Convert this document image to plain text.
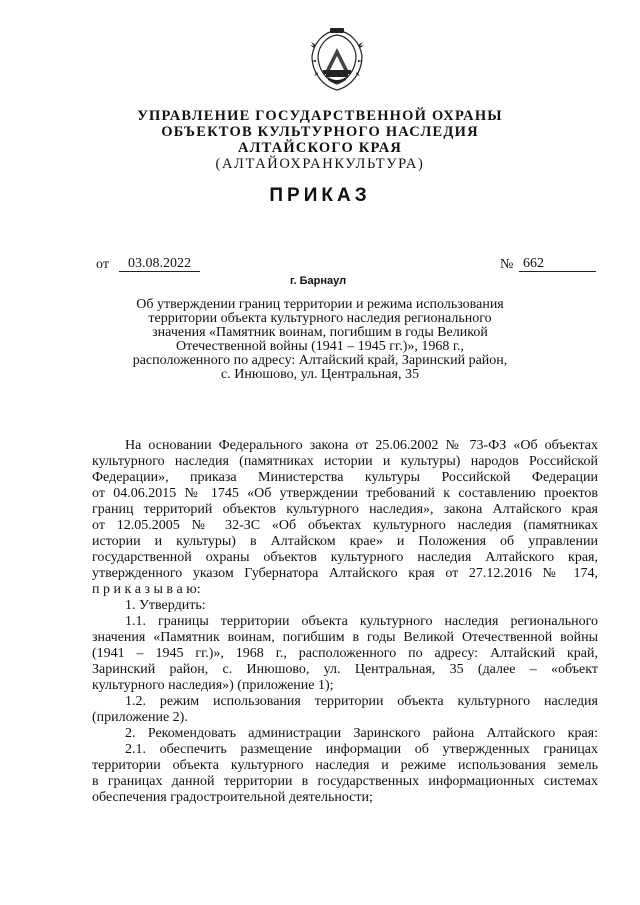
УПРАВЛЕНИЕ ГОСУДАРСТВЕННОЙ ОХРАНЫ
ОБЪЕКТОВ КУЛЬТУРНОГО НАСЛЕДИЯ
АЛТАЙСКОГО КРАЯ
(АЛТАЙОХРАНКУЛЬТУРА)
ПРИКАЗ
от	03.08.2022	№ 662
г. Барнаул
Об утверждении границ территории и режима использования
территории объекта культурного наследия регионального
значения «Памятник воинам, погибшим в годы Великой
Отечественной войны (1941 – 1945 гг.)», 1968 г.,
расположенного по адресу: Алтайский край, Заринский район,
с. Инюшово, ул. Центральная, 35
На основании Федерального закона от 25.06.2002 № 73-ФЗ «Об объектах
культурного наследия (памятниках истории и культуры) народов Российской
Федерации», приказа Министерства культуры Российской Федерации
от 04.06.2015 № 1745 «Об утверждении требований к составлению проектов
границ территорий объектов культурного наследия», закона Алтайского края
от 12.05.2005 № 32-ЗС «Об объектах культурного наследия (памятниках
истории и культуры) в Алтайском крае» и Положения об управлении
государственной охраны объектов культурного наследия Алтайского края,
утвержденного указом Губернатора Алтайского края от 27.12.2016 № 174,
п р и к а з ы в а ю:
1. Утвердить:
1.1. границы территории объекта культурного наследия регионального
значения «Памятник воинам, погибшим в годы Великой Отечественной войны
(1941 – 1945 гг.)», 1968 г., расположенного по адресу: Алтайский край,
Заринский район, с. Инюшово, ул. Центральная, 35 (далее – «объект
культурного наследия») (приложение 1);
1.2. режим использования территории объекта культурного наследия
(приложение 2).
2. Рекомендовать администрации Заринского района Алтайского края:
2.1. обеспечить размещение информации об утвержденных границах
территории объекта культурного наследия и режиме использования земель
в границах данной территории в государственных информационных системах
обеспечения градостроительной деятельности;
